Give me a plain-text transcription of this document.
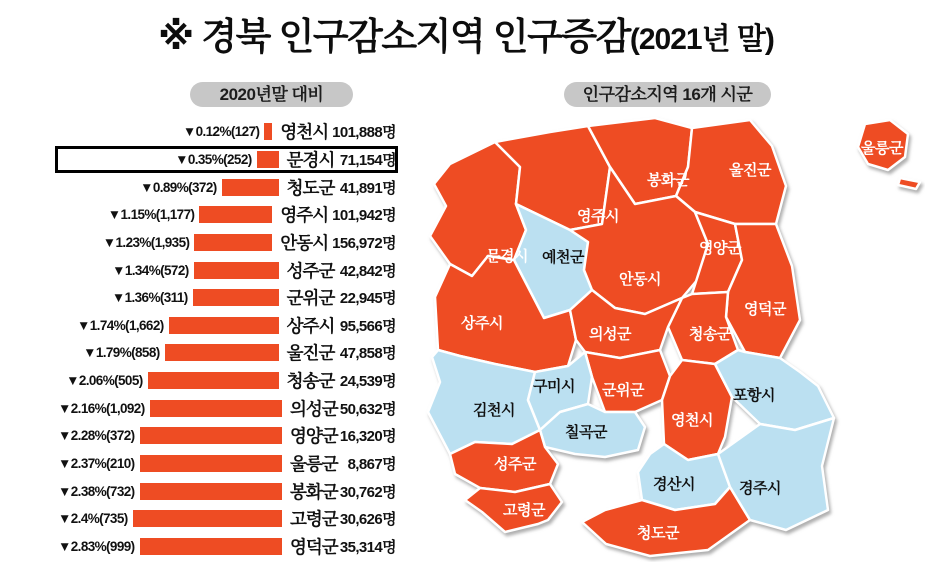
※ 경북 인구감소지역 인구증감(2021년 말)
2020년말 대비	인구감소지역 16개 시군
▼0.12%(127) 영천시 101,888명
▼0.35%(252) 문경시 71,154명
▼0.89%(372)	청도군 41,891명
▼1.15%(1,177)	영주시 101,942명
▼1.23%(1,935)	안동시 156,972명
▼1.34%(572)	성주군 42,842명
▼1.36%(311)	군위군 22,945명
▼1.74%(1,662)	상주시 95,566명
▼1.79%(858)	울진군 47,858명
▼2.06%(505)	청송군 24,539명
▼2.16%(1,092)	의성군 50,632명
▼2.28%(372)	영양군 16,320명
▼2.37%(210)	울릉군 8,867명
▼2.38%(732)	봉화군 30,762명
▼2.4%(735)	고령군 30,626명
▼2.83%(999)	영덕군 35,314명
문경시
영주시
봉화군
울진군
울릉군
예천군
안동시
영양군
영덕군
청송군
상주시
의성군
군위군
김천시
구미시
칠곡군
성주군
고령군
영천시
경산시
청도군
포항시
경주시
